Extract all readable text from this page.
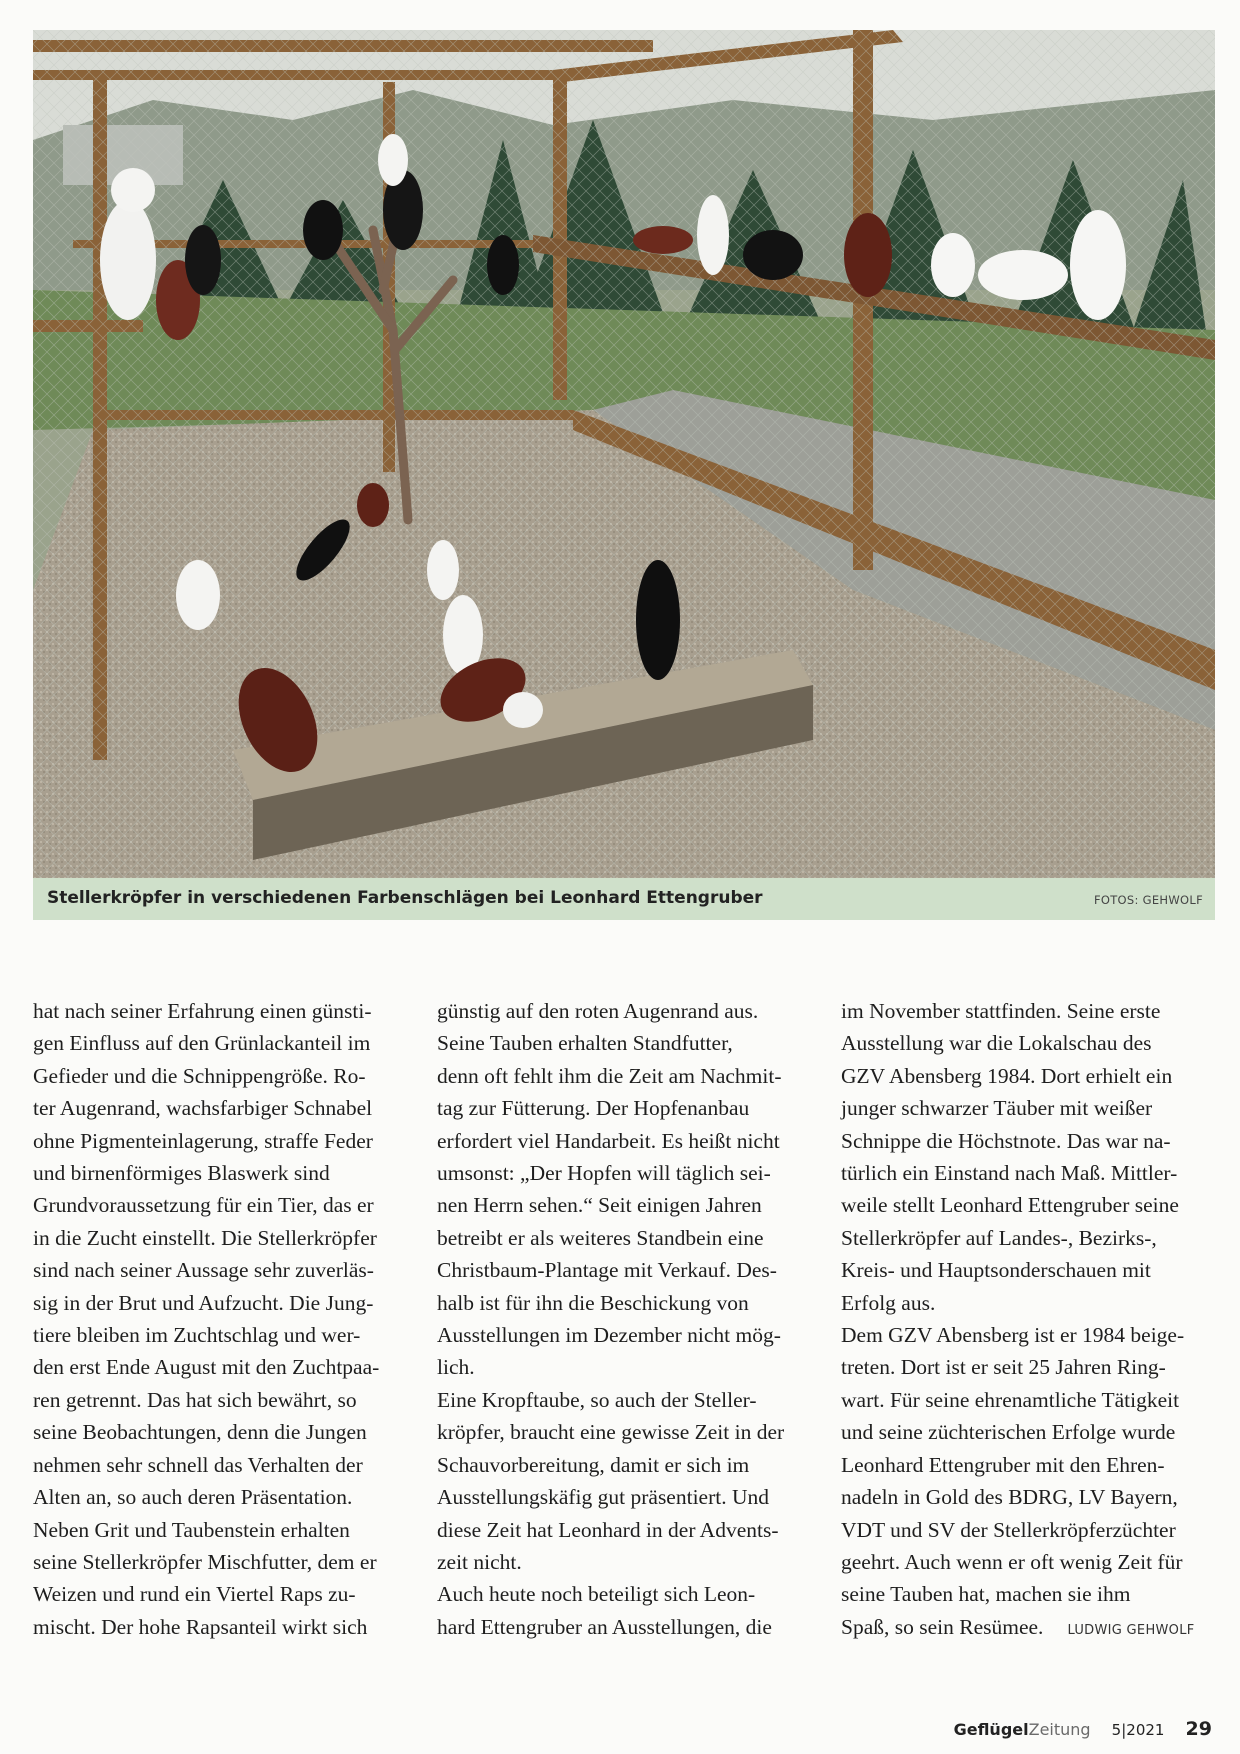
Stellerkröpfer in verschiedenen Farbenschlägen bei Leonhard Ettengruber	FOTOS: GEHWOLF

hat nach seiner Erfahrung einen günsti-

gen Einfluss auf den Grünlackanteil im

Gefieder und die Schnippengröße. Ro-

ter Augenrand, wachsfarbiger Schnabel

ohne Pigmenteinlagerung, straffe Feder

und birnenförmiges Blaswerk sind

Grundvoraussetzung für ein Tier, das er

in die Zucht einstellt. Die Stellerkröpfer

sind nach seiner Aussage sehr zuverläs-

sig in der Brut und Aufzucht. Die Jung-

tiere bleiben im Zuchtschlag und wer-

den erst Ende August mit den Zuchtpaa-

ren getrennt. Das hat sich bewährt, so

seine Beobachtungen, denn die Jungen

nehmen sehr schnell das Verhalten der

Alten an, so auch deren Präsentation.

Neben Grit und Taubenstein erhalten

seine Stellerkröpfer Mischfutter, dem er

Weizen und rund ein Viertel Raps zu-

mischt. Der hohe Rapsanteil wirkt sich

günstig auf den roten Augenrand aus.

Seine Tauben erhalten Standfutter,

denn oft fehlt ihm die Zeit am Nachmit-

tag zur Fütterung. Der Hopfenanbau

erfordert viel Handarbeit. Es heißt nicht

umsonst: „Der Hopfen will täglich sei-

nen Herrn sehen.“ Seit einigen Jahren

betreibt er als weiteres Standbein eine

Christbaum-Plantage mit Verkauf. Des-

halb ist für ihn die Beschickung von

Ausstellungen im Dezember nicht mög-

lich.

Eine Kropftaube, so auch der Steller-

kröpfer, braucht eine gewisse Zeit in der

Schauvorbereitung, damit er sich im

Ausstellungskäfig gut präsentiert. Und

diese Zeit hat Leonhard in der Advents-

zeit nicht.

Auch heute noch beteiligt sich Leon-

hard Ettengruber an Ausstellungen, die

im November stattfinden. Seine erste

Ausstellung war die Lokalschau des

GZV Abensberg 1984. Dort erhielt ein

junger schwarzer Täuber mit weißer

Schnippe die Höchstnote. Das war na-

türlich ein Einstand nach Maß. Mittler-

weile stellt Leonhard Ettengruber seine

Stellerkröpfer auf Landes-, Bezirks-,

Kreis- und Hauptsonderschauen mit

Erfolg aus.

Dem GZV Abensberg ist er 1984 beige-

treten. Dort ist er seit 25 Jahren Ring-

wart. Für seine ehrenamtliche Tätigkeit

und seine züchterischen Erfolge wurde

Leonhard Ettengruber mit den Ehren-

nadeln in Gold des BDRG, LV Bayern,

VDT und SV der Stellerkröpferzüchter

geehrt. Auch wenn er oft wenig Zeit für

seine Tauben hat, machen sie ihm

Spaß, so sein Resümee. LUDWIG GEHWOLF

GeflügelZeitung 5|2021 29
